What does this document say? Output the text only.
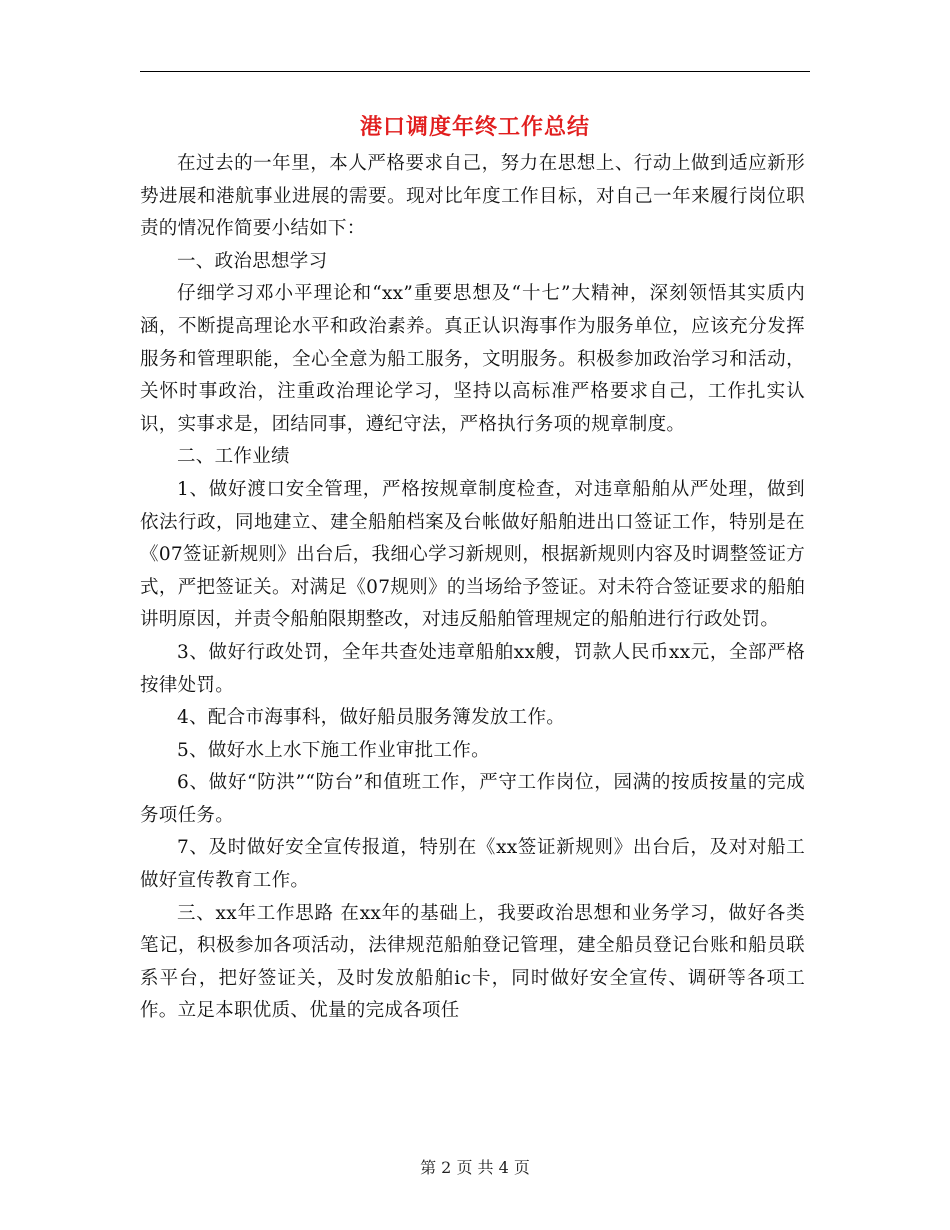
港口调度年终工作总结

在过去的一年里，本人严格要求自己，努力在思想上、行动上做到适应新形势进展和港航事业进展的需要。现对比年度工作目标，对自己一年来履行岗位职责的情况作简要小结如下：

一、政治思想学习

仔细学习邓小平理论和“xx”重要思想及“十七”大精神，深刻领悟其实质内涵，不断提高理论水平和政治素养。真正认识海事作为服务单位，应该充分发挥服务和管理职能，全心全意为船工服务，文明服务。积极参加政治学习和活动，关怀时事政治，注重政治理论学习，坚持以高标准严格要求自己，工作扎实认识，实事求是，团结同事，遵纪守法，严格执行务项的规章制度。

二、工作业绩

1、做好渡口安全管理，严格按规章制度检查，对违章船舶从严处理，做到依法行政，同地建立、建全船舶档案及台帐做好船舶进出口签证工作，特别是在《07签证新规则》出台后，我细心学习新规则，根据新规则内容及时调整签证方式，严把签证关。对满足《07规则》的当场给予签证。对未符合签证要求的船舶讲明原因，并责令船舶限期整改，对违反船舶管理规定的船舶进行行政处罚。

3、做好行政处罚，全年共查处违章船舶xx艘，罚款人民币xx元，全部严格按律处罚。

4、配合市海事科，做好船员服务簿发放工作。

5、做好水上水下施工作业审批工作。

6、做好“防洪”“防台”和值班工作，严守工作岗位，园满的按质按量的完成务项任务。

7、及时做好安全宣传报道，特别在《xx签证新规则》出台后，及对对船工做好宣传教育工作。

三、xx年工作思路 在xx年的基础上，我要政治思想和业务学习，做好各类笔记，积极参加各项活动，法律规范船舶登记管理，建全船员登记台账和船员联系平台，把好签证关，及时发放船舶ic卡，同时做好安全宣传、调研等各项工作。立足本职优质、优量的完成各项任

第 2 页 共 4 页
